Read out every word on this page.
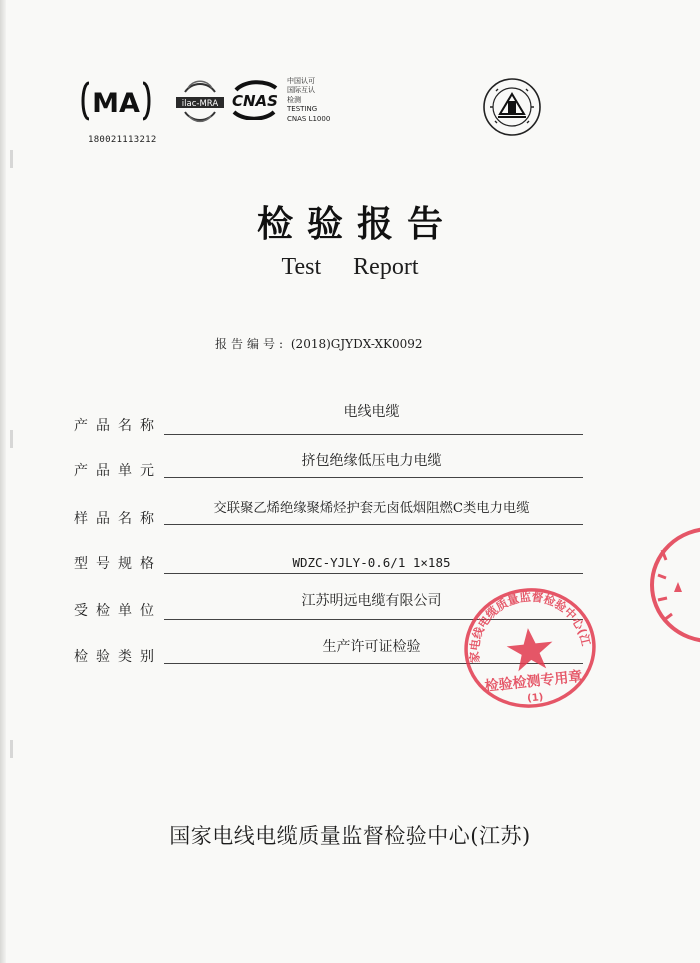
MA
180021113212
ilac-MRA CNAS
中国认可
国际互认
检测
TESTING
CNAS L1000
检验报告
Test Report
报告编号: (2018)GJYDX-XK0092
产品名称
电线电缆
产品单元
挤包绝缘低压电力电缆
样品名称
交联聚乙烯绝缘聚烯烃护套无卤低烟阻燃C类电力电缆
型号规格	WDZC-YJLY-0.6/1 1×185
受检单位
江苏明远电缆有限公司
检验类别
生产许可证检验
国家电线电缆质量监督检验中心(江苏)
国家电线电缆质量监督检验中心(江苏)
检验检测专用章
(1)
